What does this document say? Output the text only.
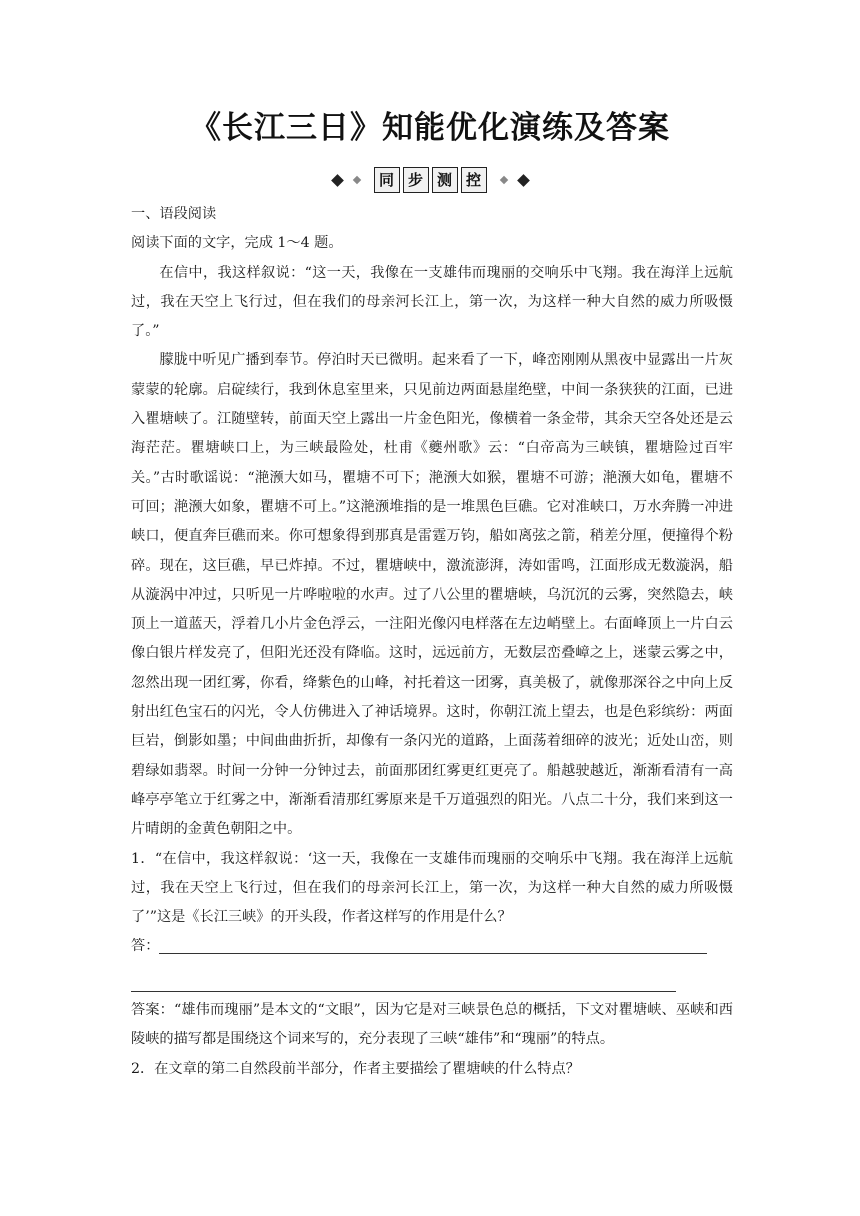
《长江三日》知能优化演练及答案
同 步 测 控

一、语段阅读

阅读下面的文字，完成 1～4 题。

在信中，我这样叙说：“这一天，我像在一支雄伟而瑰丽的交响乐中飞翔。我在海洋上远航过，我在天空上飞行过，但在我们的母亲河长江上，第一次，为这样一种大自然的威力所吸慑了。”

朦胧中听见广播到奉节。停泊时天已微明。起来看了一下，峰峦刚刚从黑夜中显露出一片灰蒙蒙的轮廓。启碇续行，我到休息室里来，只见前边两面悬崖绝壁，中间一条狭狭的江面，已进入瞿塘峡了。江随壁转，前面天空上露出一片金色阳光，像横着一条金带，其余天空各处还是云海茫茫。瞿塘峡口上，为三峡最险处，杜甫《夔州歌》云：“白帝高为三峡镇，瞿塘险过百牢关。”古时歌谣说：“滟滪大如马，瞿塘不可下；滟滪大如猴，瞿塘不可游；滟滪大如龟，瞿塘不可回；滟滪大如象，瞿塘不可上。”这滟滪堆指的是一堆黑色巨礁。它对准峡口，万水奔腾一冲进峡口，便直奔巨礁而来。你可想象得到那真是雷霆万钧，船如离弦之箭，稍差分厘，便撞得个粉碎。现在，这巨礁，早已炸掉。不过，瞿塘峡中，激流澎湃，涛如雷鸣，江面形成无数漩涡，船从漩涡中冲过，只听见一片哗啦啦的水声。过了八公里的瞿塘峡，乌沉沉的云雾，突然隐去，峡顶上一道蓝天，浮着几小片金色浮云，一注阳光像闪电样落在左边峭壁上。右面峰顶上一片白云像白银片样发亮了，但阳光还没有降临。这时，远远前方，无数层峦叠嶂之上，迷蒙云雾之中，忽然出现一团红雾，你看，绛紫色的山峰，衬托着这一团雾，真美极了，就像那深谷之中向上反射出红色宝石的闪光，令人仿佛进入了神话境界。这时，你朝江流上望去，也是色彩缤纷：两面巨岩，倒影如墨；中间曲曲折折，却像有一条闪光的道路，上面荡着细碎的波光；近处山峦，则碧绿如翡翠。时间一分钟一分钟过去，前面那团红雾更红更亮了。船越驶越近，渐渐看清有一高峰亭亭笔立于红雾之中，渐渐看清那红雾原来是千万道强烈的阳光。八点二十分，我们来到这一片晴朗的金黄色朝阳之中。

1．“在信中，我这样叙说：‘这一天，我像在一支雄伟而瑰丽的交响乐中飞翔。我在海洋上远航过，我在天空上飞行过，但在我们的母亲河长江上，第一次，为这样一种大自然的威力所吸慑了’”这是《长江三峡》的开头段，作者这样写的作用是什么？

答：

答案：“雄伟而瑰丽”是本文的“文眼”，因为它是对三峡景色总的概括，下文对瞿塘峡、巫峡和西陵峡的描写都是围绕这个词来写的，充分表现了三峡“雄伟”和“瑰丽”的特点。

2．在文章的第二自然段前半部分，作者主要描绘了瞿塘峡的什么特点？
